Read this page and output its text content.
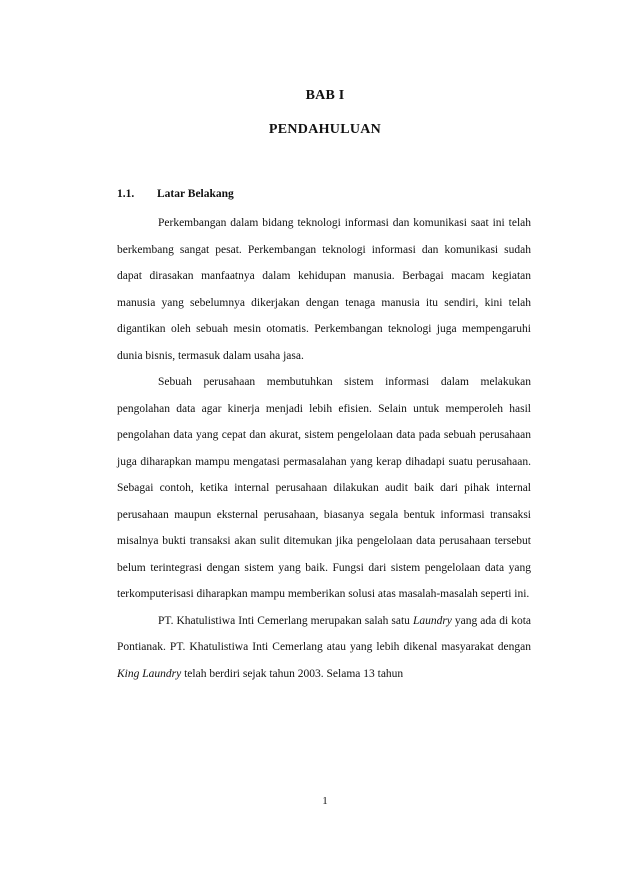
BAB I
PENDAHULUAN
1.1. Latar Belakang

Perkembangan dalam bidang teknologi informasi dan komunikasi saat ini telah berkembang sangat pesat. Perkembangan teknologi informasi dan komunikasi sudah dapat dirasakan manfaatnya dalam kehidupan manusia. Berbagai macam kegiatan manusia yang sebelumnya dikerjakan dengan tenaga manusia itu sendiri, kini telah digantikan oleh sebuah mesin otomatis. Perkembangan teknologi juga mempengaruhi dunia bisnis, termasuk dalam usaha jasa.

Sebuah perusahaan membutuhkan sistem informasi dalam melakukan pengolahan data agar kinerja menjadi lebih efisien. Selain untuk memperoleh hasil pengolahan data yang cepat dan akurat, sistem pengelolaan data pada sebuah perusahaan juga diharapkan mampu mengatasi permasalahan yang kerap dihadapi suatu perusahaan. Sebagai contoh, ketika internal perusahaan dilakukan audit baik dari pihak internal perusahaan maupun eksternal perusahaan, biasanya segala bentuk informasi transaksi misalnya bukti transaksi akan sulit ditemukan jika pengelolaan data perusahaan tersebut belum terintegrasi dengan sistem yang baik. Fungsi dari sistem pengelolaan data yang terkomputerisasi diharapkan mampu memberikan solusi atas masalah-masalah seperti ini.

PT. Khatulistiwa Inti Cemerlang merupakan salah satu Laundry yang ada di kota Pontianak. PT. Khatulistiwa Inti Cemerlang atau yang lebih dikenal masyarakat dengan King Laundry telah berdiri sejak tahun 2003. Selama 13 tahun

1
